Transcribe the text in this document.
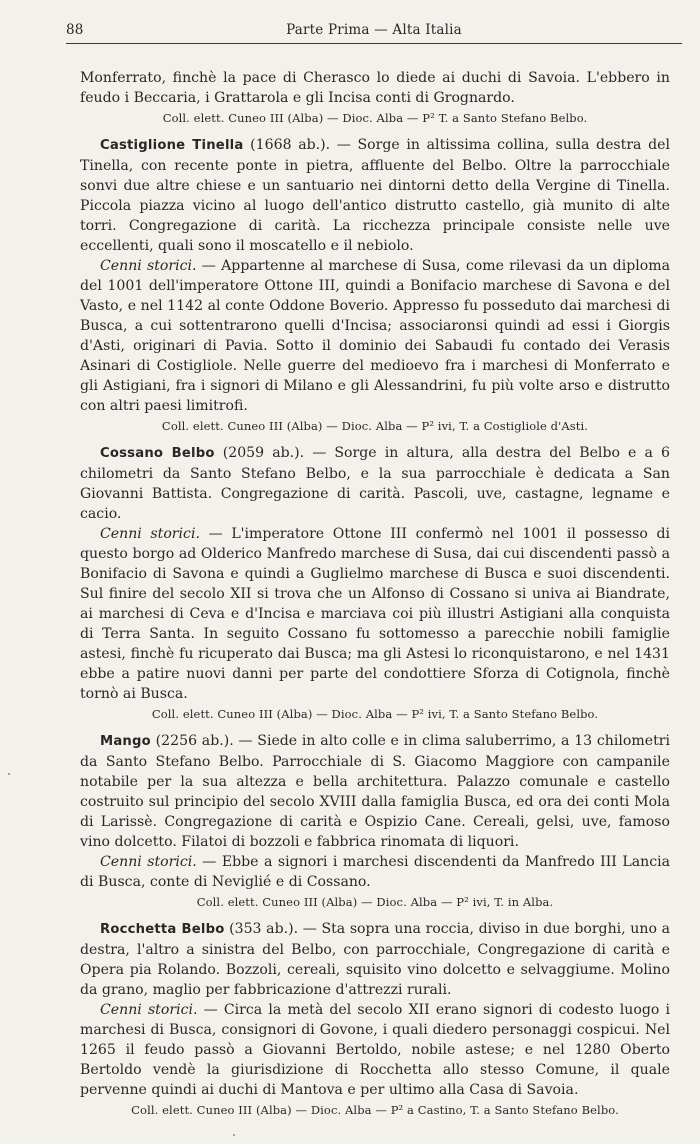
88	Parte Prima — Alta Italia

Monferrato, finchè la pace di Cherasco lo diede ai duchi di Savoia. L'ebbero in feudo i Beccaria, i Grattarola e gli Incisa conti di Grognardo.

Coll. elett. Cuneo III (Alba) — Dioc. Alba — P² T. a Santo Stefano Belbo.

Castiglione Tinella (1668 ab.). — Sorge in altissima collina, sulla destra del Tinella, con recente ponte in pietra, affluente del Belbo. Oltre la parrocchiale sonvi due altre chiese e un santuario nei dintorni detto della Vergine di Tinella. Piccola piazza vicino al luogo dell'antico distrutto castello, già munito di alte torri. Congregazione di carità. La ricchezza principale consiste nelle uve eccellenti, quali sono il moscatello e il nebiolo.

Cenni storici. — Appartenne al marchese di Susa, come rilevasi da un diploma del 1001 dell'imperatore Ottone III, quindi a Bonifacio marchese di Savona e del Vasto, e nel 1142 al conte Oddone Boverio. Appresso fu posseduto dai marchesi di Busca, a cui sottentrarono quelli d'Incisa; associaronsi quindi ad essi i Giorgis d'Asti, originari di Pavia. Sotto il dominio dei Sabaudi fu contado dei Verasis Asinari di Costigliole. Nelle guerre del medioevo fra i marchesi di Monferrato e gli Astigiani, fra i signori di Milano e gli Alessandrini, fu più volte arso e distrutto con altri paesi limitrofi.

Coll. elett. Cuneo III (Alba) — Dioc. Alba — P² ivi, T. a Costigliole d'Asti.

Cossano Belbo (2059 ab.). — Sorge in altura, alla destra del Belbo e a 6 chilometri da Santo Stefano Belbo, e la sua parrocchiale è dedicata a San Giovanni Battista. Congregazione di carità. Pascoli, uve, castagne, legname e cacio.

Cenni storici. — L'imperatore Ottone III confermò nel 1001 il possesso di questo borgo ad Olderico Manfredo marchese di Susa, dai cui discendenti passò a Bonifacio di Savona e quindi a Guglielmo marchese di Busca e suoi discendenti. Sul finire del secolo XII si trova che un Alfonso di Cossano si univa ai Biandrate, ai marchesi di Ceva e d'Incisa e marciava coi più illustri Astigiani alla conquista di Terra Santa. In seguito Cossano fu sottomesso a parecchie nobili famiglie astesi, finchè fu ricuperato dai Busca; ma gli Astesi lo riconquistarono, e nel 1431 ebbe a patire nuovi danni per parte del condottiere Sforza di Cotignola, finchè tornò ai Busca.

Coll. elett. Cuneo III (Alba) — Dioc. Alba — P² ivi, T. a Santo Stefano Belbo.

Mango (2256 ab.). — Siede in alto colle e in clima saluberrimo, a 13 chilometri da Santo Stefano Belbo. Parrocchiale di S. Giacomo Maggiore con campanile notabile per la sua altezza e bella architettura. Palazzo comunale e castello costruito sul principio del secolo XVIII dalla famiglia Busca, ed ora dei conti Mola di Larissè. Congregazione di carità e Ospizio Cane. Cereali, gelsi, uve, famoso vino dolcetto. Filatoi di bozzoli e fabbrica rinomata di liquori.

Cenni storici. — Ebbe a signori i marchesi discendenti da Manfredo III Lancia di Busca, conte di Neviglié e di Cossano.

Coll. elett. Cuneo III (Alba) — Dioc. Alba — P² ivi, T. in Alba.

Rocchetta Belbo (353 ab.). — Sta sopra una roccia, diviso in due borghi, uno a destra, l'altro a sinistra del Belbo, con parrocchiale, Congregazione di carità e Opera pia Rolando. Bozzoli, cereali, squisito vino dolcetto e selvaggiume. Molino da grano, maglio per fabbricazione d'attrezzi rurali.

Cenni storici. — Circa la metà del secolo XII erano signori di codesto luogo i marchesi di Busca, consignori di Govone, i quali diedero personaggi cospicui. Nel 1265 il feudo passò a Giovanni Bertoldo, nobile astese; e nel 1280 Oberto Bertoldo vendè la giurisdizione di Rocchetta allo stesso Comune, il quale pervenne quindi ai duchi di Mantova e per ultimo alla Casa di Savoia.

Coll. elett. Cuneo III (Alba) — Dioc. Alba — P² a Castino, T. a Santo Stefano Belbo.
